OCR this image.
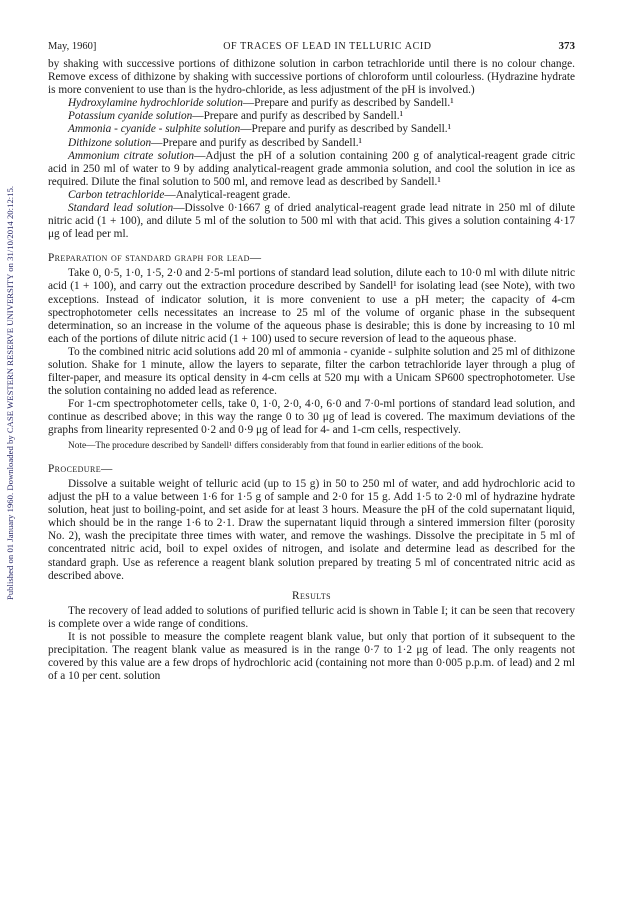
Published on 01 January 1960. Downloaded by CASE WESTERN RESERVE UNIVERSITY on 31/10/2014 20:12:15.
May, 1960]	OF TRACES OF LEAD IN TELLURIC ACID	373

by shaking with successive portions of dithizone solution in carbon tetrachloride until there is no colour change. Remove excess of dithizone by shaking with successive portions of chloroform until colourless. (Hydrazine hydrate is more convenient to use than is the hydro-chloride, as less adjustment of the pH is involved.)

Hydroxylamine hydrochloride solution—Prepare and purify as described by Sandell.¹

Potassium cyanide solution—Prepare and purify as described by Sandell.¹

Ammonia - cyanide - sulphite solution—Prepare and purify as described by Sandell.¹

Dithizone solution—Prepare and purify as described by Sandell.¹

Ammonium citrate solution—Adjust the pH of a solution containing 200 g of analytical-reagent grade citric acid in 250 ml of water to 9 by adding analytical-reagent grade ammonia solution, and cool the solution in ice as required. Dilute the final solution to 500 ml, and remove lead as described by Sandell.¹

Carbon tetrachloride—Analytical-reagent grade.

Standard lead solution—Dissolve 0·1667 g of dried analytical-reagent grade lead nitrate in 250 ml of dilute nitric acid (1 + 100), and dilute 5 ml of the solution to 500 ml with that acid. This gives a solution containing 4·17 μg of lead per ml.

Preparation of standard graph for lead—

Take 0, 0·5, 1·0, 1·5, 2·0 and 2·5-ml portions of standard lead solution, dilute each to 10·0 ml with dilute nitric acid (1 + 100), and carry out the extraction procedure described by Sandell¹ for isolating lead (see Note), with two exceptions. Instead of indicator solution, it is more convenient to use a pH meter; the capacity of 4-cm spectrophotometer cells necessitates an increase to 25 ml of the volume of organic phase in the subsequent determination, so an increase in the volume of the aqueous phase is desirable; this is done by increasing to 10 ml each of the portions of dilute nitric acid (1 + 100) used to secure reversion of lead to the aqueous phase.

To the combined nitric acid solutions add 20 ml of ammonia - cyanide - sulphite solution and 25 ml of dithizone solution. Shake for 1 minute, allow the layers to separate, filter the carbon tetrachloride layer through a plug of filter-paper, and measure its optical density in 4-cm cells at 520 mμ with a Unicam SP600 spectrophotometer. Use the solution containing no added lead as reference.

For 1-cm spectrophotometer cells, take 0, 1·0, 2·0, 4·0, 6·0 and 7·0-ml portions of standard lead solution, and continue as described above; in this way the range 0 to 30 μg of lead is covered. The maximum deviations of the graphs from linearity represented 0·2 and 0·9 μg of lead for 4- and 1-cm cells, respectively.

Note—The procedure described by Sandell¹ differs considerably from that found in earlier editions of the book.

Procedure—

Dissolve a suitable weight of telluric acid (up to 15 g) in 50 to 250 ml of water, and add hydrochloric acid to adjust the pH to a value between 1·6 for 1·5 g of sample and 2·0 for 15 g. Add 1·5 to 2·0 ml of hydrazine hydrate solution, heat just to boiling-point, and set aside for at least 3 hours. Measure the pH of the cold supernatant liquid, which should be in the range 1·6 to 2·1. Draw the supernatant liquid through a sintered immersion filter (porosity No. 2), wash the precipitate three times with water, and remove the washings. Dissolve the precipitate in 5 ml of concentrated nitric acid, boil to expel oxides of nitrogen, and isolate and determine lead as described for the standard graph. Use as reference a reagent blank solution prepared by treating 5 ml of concentrated nitric acid as described above.

Results

The recovery of lead added to solutions of purified telluric acid is shown in Table I; it can be seen that recovery is complete over a wide range of conditions.

It is not possible to measure the complete reagent blank value, but only that portion of it subsequent to the precipitation. The reagent blank value as measured is in the range 0·7 to 1·2 μg of lead. The only reagents not covered by this value are a few drops of hydrochloric acid (containing not more than 0·005 p.p.m. of lead) and 2 ml of a 10 per cent. solution
